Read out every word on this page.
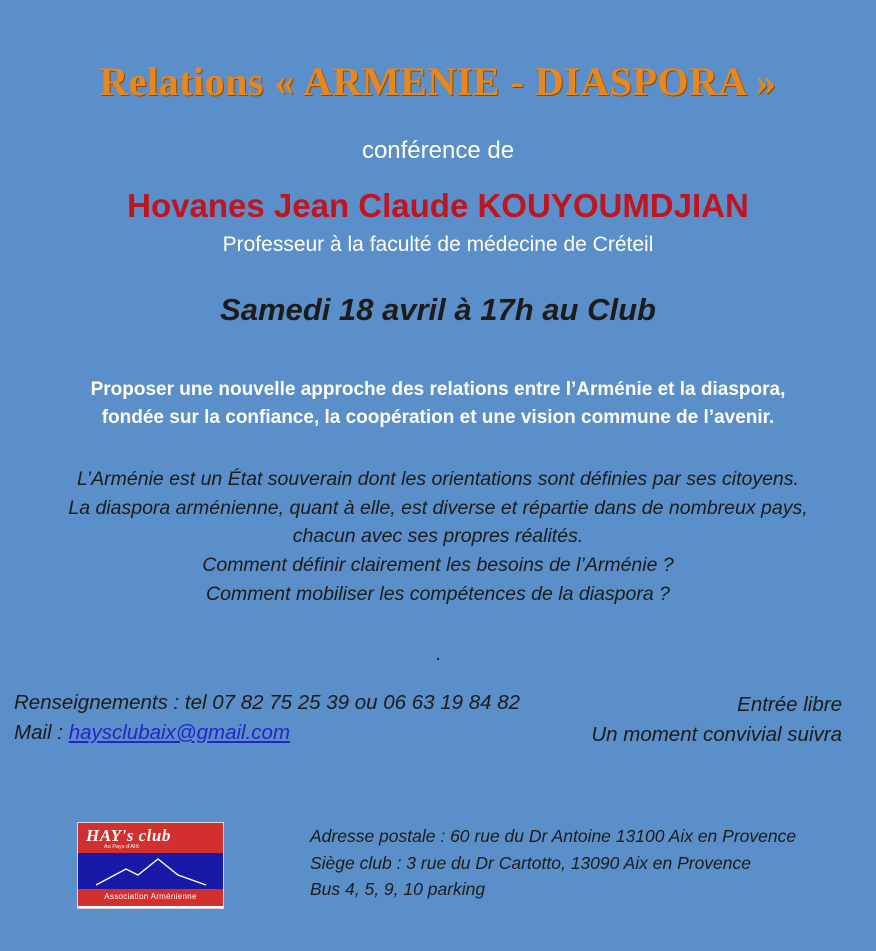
Relations « ARMENIE - DIASPORA »
conférence de
Hovanes Jean Claude KOUYOUMDJIAN
Professeur à la faculté de médecine de Créteil
Samedi 18 avril à 17h au Club
Proposer une nouvelle approche des relations entre l’Arménie et la diaspora,
fondée sur la confiance, la coopération et une vision commune de l’avenir.
L’Arménie est un État souverain dont les orientations sont définies par ses citoyens.
La diaspora arménienne, quant à elle, est diverse et répartie dans de nombreux pays,
chacun avec ses propres réalités.
Comment définir clairement les besoins de l’Arménie ?
Comment mobiliser les compétences de la diaspora ?
.
Renseignements : tel 07 82 75 25 39 ou 06 63 19 84 82
Mail : haysclubaix@gmail.com
Entrée libre
Un moment convivial suivra
HAY's club
Au Pays d’AIX
Association Arménienne
Adresse postale : 60 rue du Dr Antoine 13100 Aix en Provence
Siège club : 3 rue du Dr Cartotto, 13090 Aix en Provence
Bus 4, 5, 9, 10 parking
